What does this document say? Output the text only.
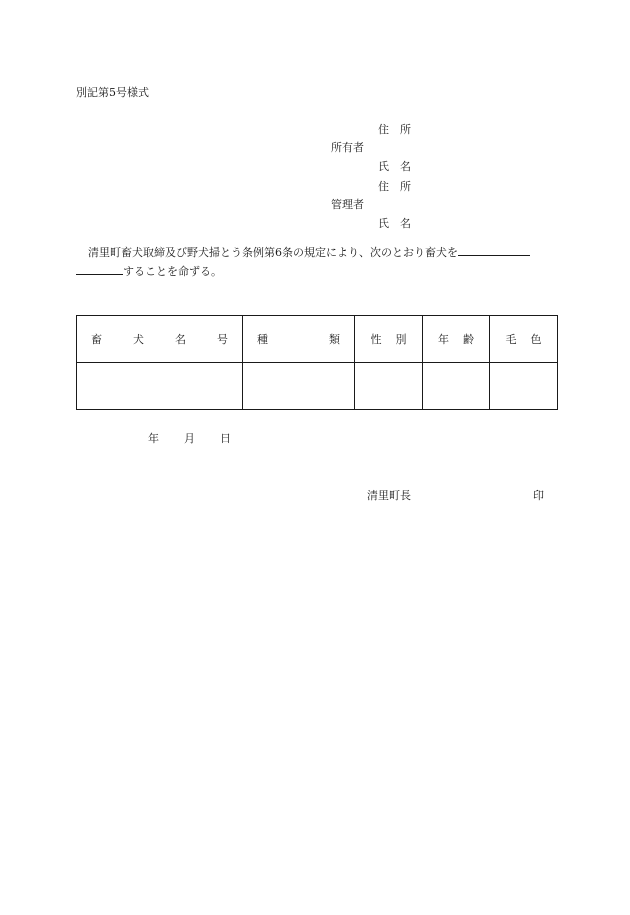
別記第5号様式
住　所
所有者
氏　名
住　所
管理者
氏　名
清里町畜犬取締及び野犬掃とう条例第6条の規定により、次のとおり畜犬を
することを命ずる。
畜 犬 名 号	種 類	性 別	年 齢	毛 色

年 月 日
清里町長	印
